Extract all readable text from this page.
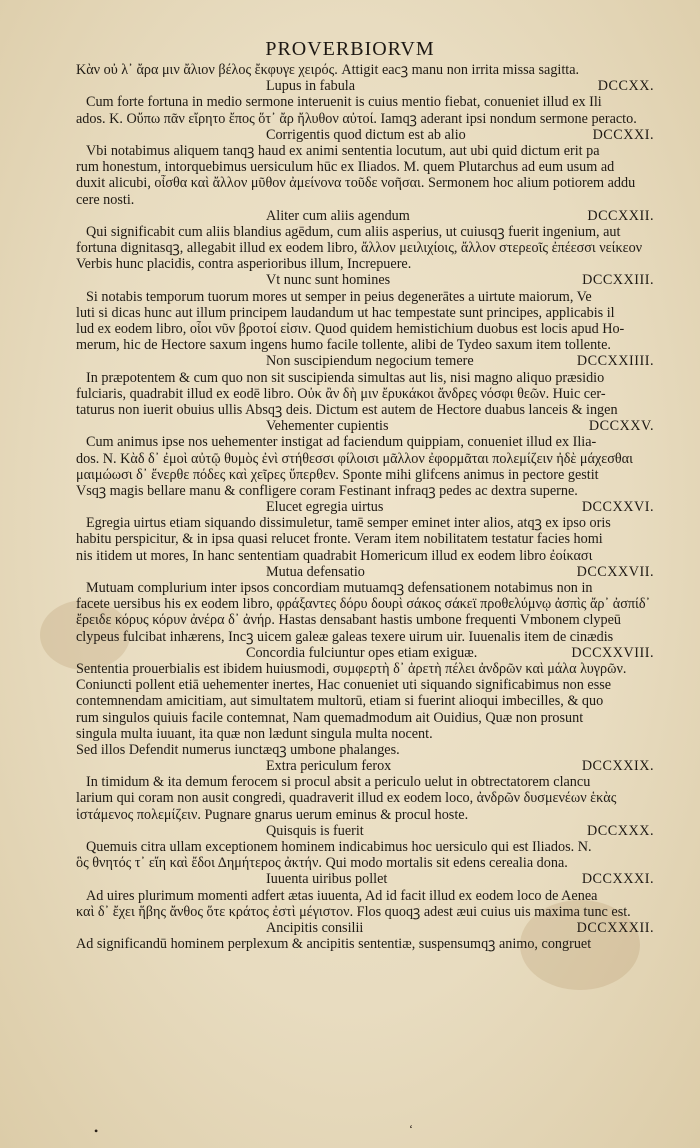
PROVERBIORVM
Κὰν οὐ λ᾽ ἄρα μιν ἄλιον βέλος ἔκφυγε χειρός. Attigit eacꝫ manu non irrita missa sagitta.
Lupus in fabula	DCCXX.
Cum forte fortuna in medio sermone interuenit is cuius mentio fiebat, conueniet illud ex Ili
ados. K. Οὔπω πᾶν εἴρητο ἔπος ὅτ᾽ ἄρ ἤλυθον αὐτοί. Iamqꝫ aderant ipsi nondum sermone peracto.
Corrigentis quod dictum est ab alio	DCCXXI.
Vbi notabimus aliquem tanqꝫ haud ex animi sententia locutum, aut ubi quid dictum erit pa
rum honestum, intorquebimus uersiculum hūc ex Iliados. M. quem Plutarchus ad eum usum ad
duxit alicubi, οἶσθα καὶ ἄλλον μῦθον ἀμείνονα τοῦδε νοῆσαι. Sermonem hoc alium potiorem addu
cere nosti.
Aliter cum aliis agendum	DCCXXII.
Qui significabit cum aliis blandius agēdum, cum aliis asperius, ut cuiusqꝫ fuerit ingenium, aut
fortuna dignitasqꝫ, allegabit illud ex eodem libro, ἄλλον μειλιχίοις, ἄλλον στερεοῖς ἐπέεσσι νείκεον
Verbis hunc placidis, contra asperioribus illum, Increpuere.
Vt nunc sunt homines	DCCXXIII.
Si notabis temporum tuorum mores ut semper in peius degenerātes a uirtute maiorum, Ve
luti si dicas hunc aut illum principem laudandum ut hac tempestate sunt principes, applicabis il
lud ex eodem libro, οἷοι νῦν βροτοί εἰσιν. Quod quidem hemistichium duobus est locis apud Ho-
merum, hic de Hectore saxum ingens humo facile tollente, alibi de Tydeo saxum item tollente.
Non suscipiendum negocium temere	DCCXXIIII.
In præpotentem & cum quo non sit suscipienda simultas aut lis, nisi magno aliquo præsidio
fulciaris, quadrabit illud ex eodē libro. Οὐκ ἂν δὴ μιν ἔρυκάκοι ἄνδρες νόσφι θεῶν. Huic cer-
taturus non iuerit obuius ullis Absqꝫ deis. Dictum est autem de Hectore duabus lanceis & ingen
Vehementer cupientis	DCCXXV.
Cum animus ipse nos uehementer instigat ad faciendum quippiam, conueniet illud ex Ilia-
dos. N. Κὰδ δ᾽ ἐμοὶ αὐτῷ θυμὸς ἐνὶ στήθεσσι φίλοισι μᾶλλον ἐφορμᾶται πολεμίζειν ἠδὲ μάχεσθαι
μαιμώωσι δ᾽ ἔνερθε πόδες καὶ χεῖρες ὕπερθεν. Sponte mihi glifcens animus in pectore gestit
Vsqꝫ magis bellare manu & confligere coram Festinant infraqꝫ pedes ac dextra superne.
Elucet egregia uirtus	DCCXXVI.
Egregia uirtus etiam siquando dissimuletur, tamē semper eminet inter alios, atqꝫ ex ipso oris
habitu perspicitur, & in ipsa quasi relucet fronte. Veram item nobilitatem testatur facies homi
nis itidem ut mores, In hanc sententiam quadrabit Homericum illud ex eodem libro ἐοίκασι
Mutua defensatio	DCCXXVII.
Mutuam complurium inter ipsos concordiam mutuamqꝫ defensationem notabimus non in
facete uersibus his ex eodem libro, φράξαντες δόρυ δουρὶ σάκος σάκεϊ προθελύμνῳ ἀσπὶς ἄρ᾽ ἀσπίδ᾽
ἔρειδε κόρυς κόρυν ἀνέρα δ᾽ ἀνήρ. Hastas densabant hastis umbone frequenti Vmbonem clypeū
clypeus fulcibat inhærens, Incꝫ uicem galeæ galeas texere uirum uir. Iuuenalis item de cinædis
Concordia fulciuntur opes etiam exiguæ.	DCCXXVIII.
Sententia prouerbialis est ibidem huiusmodi, συμφερτὴ δ᾽ ἀρετὴ πέλει ἀνδρῶν καὶ μάλα λυγρῶν.
Coniuncti pollent etiā uehementer inertes, Hac conueniet uti siquando significabimus non esse
contemnendam amicitiam, aut simultatem multorū, etiam si fuerint alioqui imbecilles, & quo
rum singulos quiuis facile contemnat, Nam quemadmodum ait Ouidius, Quæ non prosunt
singula multa iuuant, ita quæ non lædunt singula multa nocent.
Sed illos Defendit numerus iunctæqꝫ umbone phalanges.
Extra periculum ferox	DCCXXIX.
In timidum & ita demum ferocem si procul absit a periculo uelut in obtrectatorem clancu
larium qui coram non ausit congredi, quadraverit illud ex eodem loco, ἀνδρῶν δυσμενέων ἑκὰς
ἱστάμενος πολεμίζειν. Pugnare gnarus uerum eminus & procul hoste.
Quisquis is fuerit	DCCXXX.
Quemuis citra ullam exceptionem hominem indicabimus hoc uersiculo qui est Iliados. N.
ὃς θνητός τ᾽ εἴη καὶ ἔδοι Δημήτερος ἀκτήν. Qui modo mortalis sit edens cerealia dona.
Iuuenta uiribus pollet	DCCXXXI.
Ad uires plurimum momenti adfert ætas iuuenta, Ad id facit illud ex eodem loco de Aenea
καὶ δ᾽ ἔχει ἥβης ἄνθος ὅτε κράτος ἐστὶ μέγιστον. Flos quoqꝫ adest æui cuius uis maxima tunc est.
Ancipitis consilii	DCCXXXII.
Ad significandū hominem perplexum & ancipitis sententiæ, suspensumqꝫ animo, congruet
•	‘
